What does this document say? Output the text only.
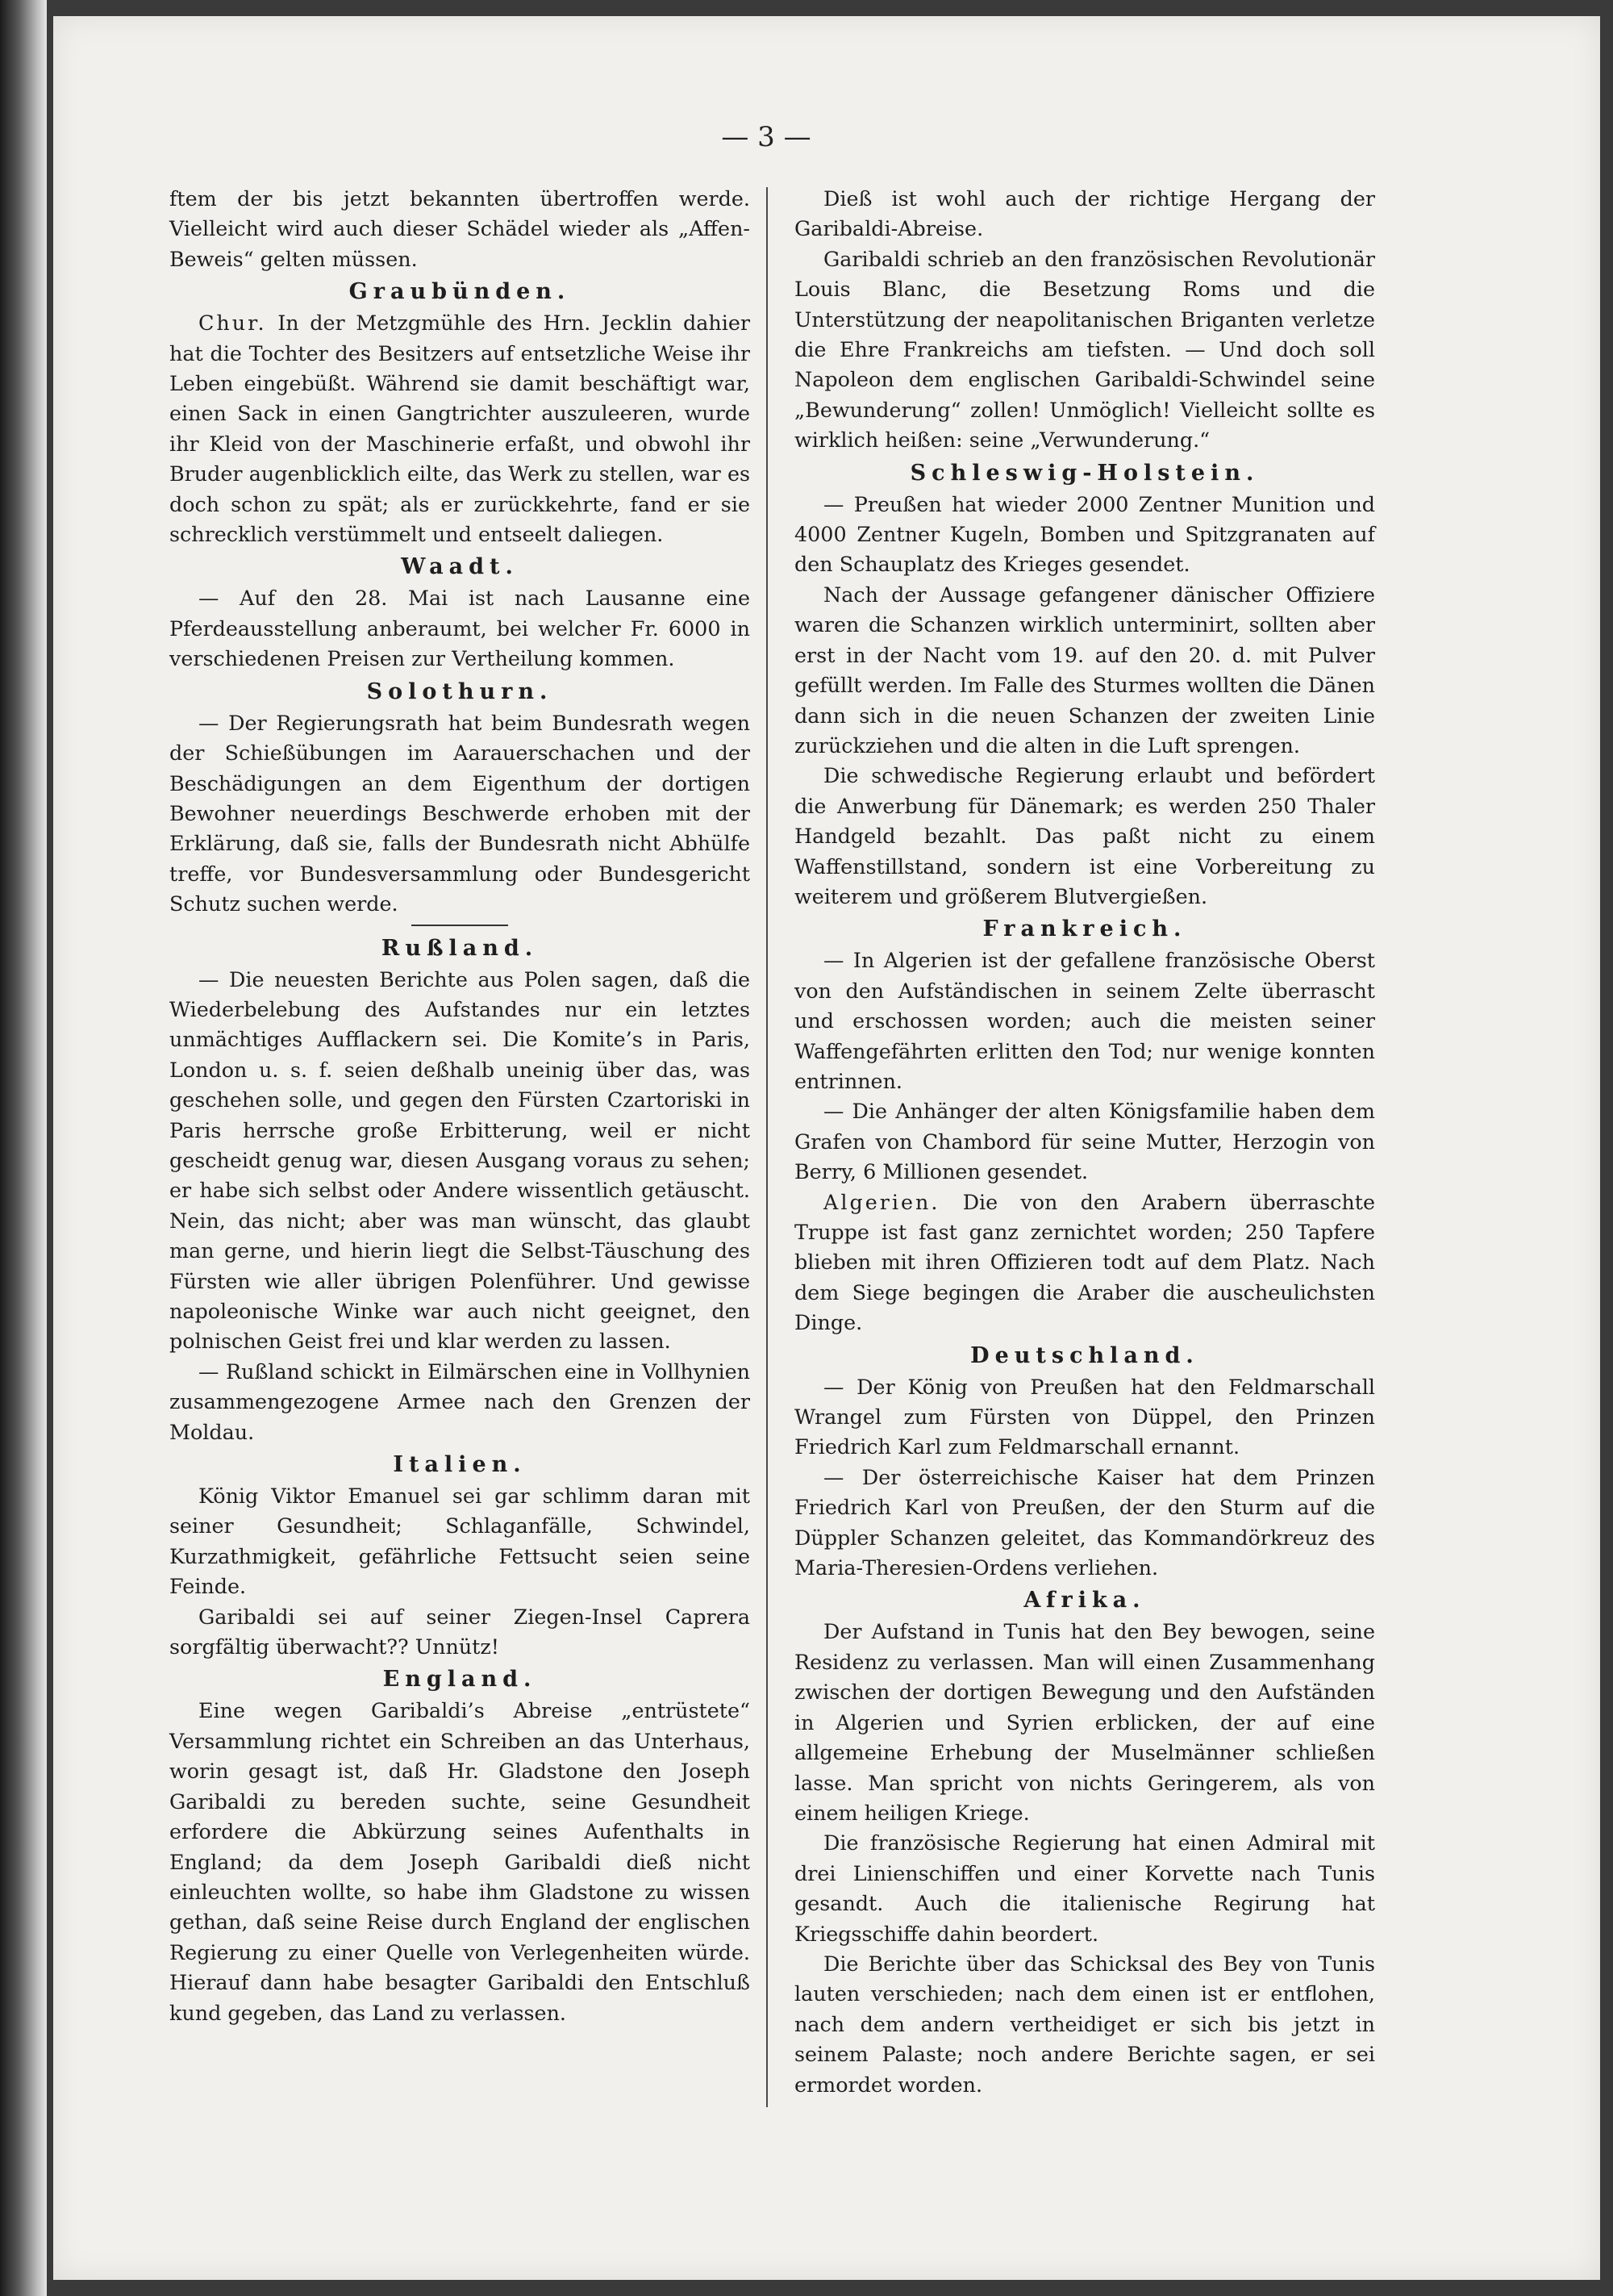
— 3 —

ftem der bis jetzt bekannten übertroffen werde. Vielleicht wird auch dieser Schädel wieder als „Affen-Beweis“ gelten müssen.

Graubünden.

Chur. In der Metzgmühle des Hrn. Jecklin dahier hat die Tochter des Besitzers auf entsetzliche Weise ihr Leben eingebüßt. Während sie damit beschäftigt war, einen Sack in einen Gangtrichter auszuleeren, wurde ihr Kleid von der Maschinerie erfaßt, und obwohl ihr Bruder augenblicklich eilte, das Werk zu stellen, war es doch schon zu spät; als er zurückkehrte, fand er sie schrecklich verstümmelt und entseelt daliegen.

Waadt.

— Auf den 28. Mai ist nach Lausanne eine Pferdeausstellung anberaumt, bei welcher Fr. 6000 in verschiedenen Preisen zur Vertheilung kommen.

Solothurn.

— Der Regierungsrath hat beim Bundesrath wegen der Schießübungen im Aarauerschachen und der Beschädigungen an dem Eigenthum der dortigen Bewohner neuerdings Beschwerde erhoben mit der Erklärung, daß sie, falls der Bundesrath nicht Abhülfe treffe, vor Bundesversammlung oder Bundesgericht Schutz suchen werde.

Rußland.

— Die neuesten Berichte aus Polen sagen, daß die Wiederbelebung des Aufstandes nur ein letztes unmächtiges Aufflackern sei. Die Komite’s in Paris, London u. s. f. seien deßhalb uneinig über das, was geschehen solle, und gegen den Fürsten Czartoriski in Paris herrsche große Erbitterung, weil er nicht gescheidt genug war, diesen Ausgang voraus zu sehen; er habe sich selbst oder Andere wissentlich getäuscht. Nein, das nicht; aber was man wünscht, das glaubt man gerne, und hierin liegt die Selbst-Täuschung des Fürsten wie aller übrigen Polenführer. Und gewisse napoleonische Winke war auch nicht geeignet, den polnischen Geist frei und klar werden zu lassen.

— Rußland schickt in Eilmärschen eine in Vollhynien zusammengezogene Armee nach den Grenzen der Moldau.

Italien.

König Viktor Emanuel sei gar schlimm daran mit seiner Gesundheit; Schlaganfälle, Schwindel, Kurzathmigkeit, gefährliche Fettsucht seien seine Feinde.

Garibaldi sei auf seiner Ziegen-Insel Caprera sorgfältig überwacht?? Unnütz!

England.

Eine wegen Garibaldi’s Abreise „entrüstete“ Versammlung richtet ein Schreiben an das Unterhaus, worin gesagt ist, daß Hr. Gladstone den Joseph Garibaldi zu bereden suchte, seine Gesundheit erfordere die Abkürzung seines Aufenthalts in England; da dem Joseph Garibaldi dieß nicht einleuchten wollte, so habe ihm Gladstone zu wissen gethan, daß seine Reise durch England der englischen Regierung zu einer Quelle von Verlegenheiten würde. Hierauf dann habe besagter Garibaldi den Entschluß kund gegeben, das Land zu verlassen.

Dieß ist wohl auch der richtige Hergang der Garibaldi-Abreise.

Garibaldi schrieb an den französischen Revolutionär Louis Blanc, die Besetzung Roms und die Unterstützung der neapolitanischen Briganten verletze die Ehre Frankreichs am tiefsten. — Und doch soll Napoleon dem englischen Garibaldi-Schwindel seine „Bewunderung“ zollen! Unmöglich! Vielleicht sollte es wirklich heißen: seine „Verwunderung.“

Schleswig-Holstein.

— Preußen hat wieder 2000 Zentner Munition und 4000 Zentner Kugeln, Bomben und Spitzgranaten auf den Schauplatz des Krieges gesendet.

Nach der Aussage gefangener dänischer Offiziere waren die Schanzen wirklich unterminirt, sollten aber erst in der Nacht vom 19. auf den 20. d. mit Pulver gefüllt werden. Im Falle des Sturmes wollten die Dänen dann sich in die neuen Schanzen der zweiten Linie zurückziehen und die alten in die Luft sprengen.

Die schwedische Regierung erlaubt und befördert die Anwerbung für Dänemark; es werden 250 Thaler Handgeld bezahlt. Das paßt nicht zu einem Waffenstillstand, sondern ist eine Vorbereitung zu weiterem und größerem Blutvergießen.

Frankreich.

— In Algerien ist der gefallene französische Oberst von den Aufständischen in seinem Zelte überrascht und erschossen worden; auch die meisten seiner Waffengefährten erlitten den Tod; nur wenige konnten entrinnen.

— Die Anhänger der alten Königsfamilie haben dem Grafen von Chambord für seine Mutter, Herzogin von Berry, 6 Millionen gesendet.

Algerien. Die von den Arabern überraschte Truppe ist fast ganz zernichtet worden; 250 Tapfere blieben mit ihren Offizieren todt auf dem Platz. Nach dem Siege begingen die Araber die auscheulichsten Dinge.

Deutschland.

— Der König von Preußen hat den Feldmarschall Wrangel zum Fürsten von Düppel, den Prinzen Friedrich Karl zum Feldmarschall ernannt.

— Der österreichische Kaiser hat dem Prinzen Friedrich Karl von Preußen, der den Sturm auf die Düppler Schanzen geleitet, das Kommandörkreuz des Maria-Theresien-Ordens verliehen.

Afrika.

Der Aufstand in Tunis hat den Bey bewogen, seine Residenz zu verlassen. Man will einen Zusammenhang zwischen der dortigen Bewegung und den Aufständen in Algerien und Syrien erblicken, der auf eine allgemeine Erhebung der Muselmänner schließen lasse. Man spricht von nichts Geringerem, als von einem heiligen Kriege.

Die französische Regierung hat einen Admiral mit drei Linienschiffen und einer Korvette nach Tunis gesandt. Auch die italienische Regirung hat Kriegsschiffe dahin beordert.

Die Berichte über das Schicksal des Bey von Tunis lauten verschieden; nach dem einen ist er entflohen, nach dem andern vertheidiget er sich bis jetzt in seinem Palaste; noch andere Berichte sagen, er sei ermordet worden.
